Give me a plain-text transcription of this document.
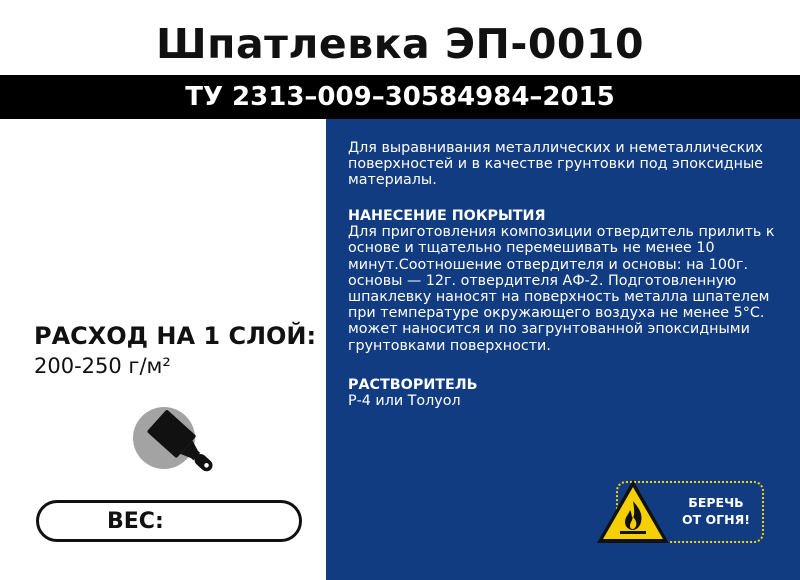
Шпатлевка ЭП-0010
ТУ 2313–009–30584984–2015
РАСХОД НА 1 СЛОЙ:
200-250 г/м²
ВЕС:
Для выравнивания металлических и неметаллических поверхностей и в качестве грунтовки под эпоксидные материалы.
НАНЕСЕНИЕ ПОКРЫТИЯ
Для приготовления композиции отвердитель прилить к основе и тщательно перемешивать не менее 10 минут.Соотношение отвердителя и основы: на 100г. основы — 12г. отвердителя АФ-2. Подготовленную шпаклевку наносят на поверхность металла шпателем при температуре окружающего воздуха не менее 5°С. может наносится и по загрунтованной эпоксидными грунтовками поверхности.
РАСТВОРИТЕЛЬ
Р-4 или Толуол
БЕРЕЧЬ
ОТ ОГНЯ!
